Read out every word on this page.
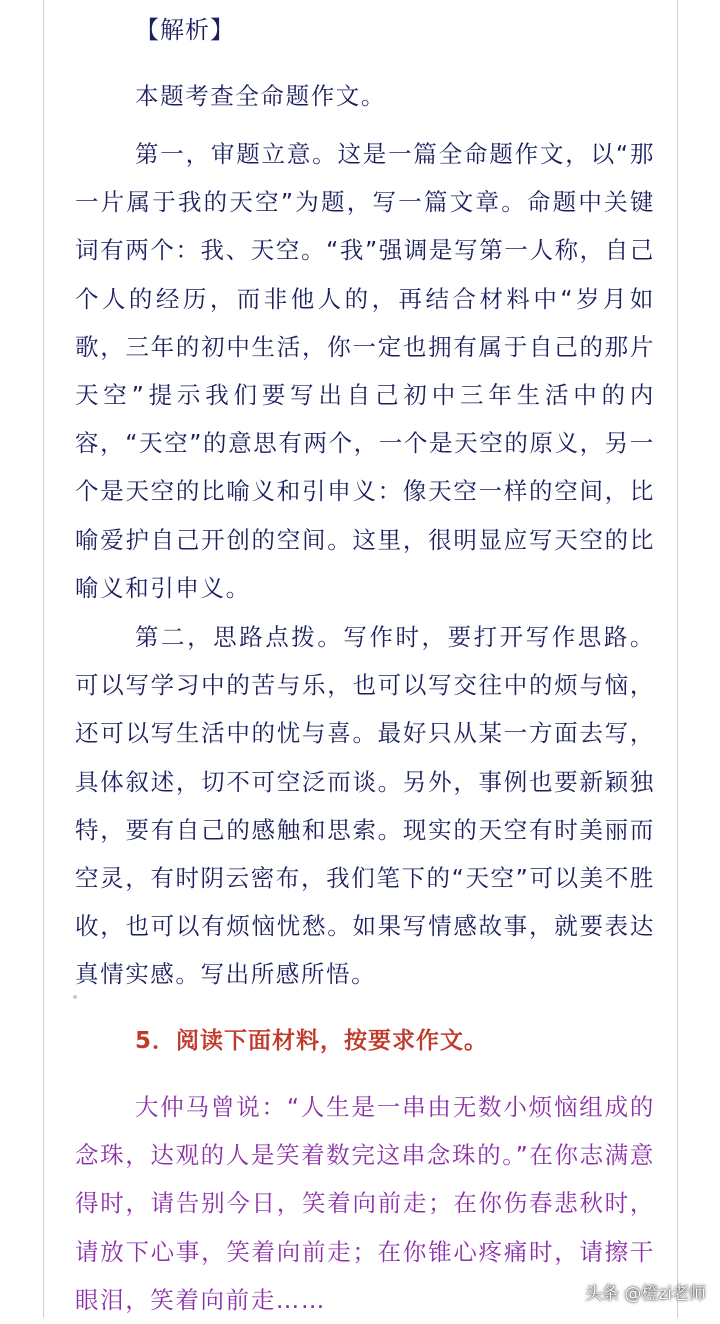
【解析】
本题考查全命题作文。
第一，审题立意。这是一篇全命题作文，以“那一片属于我的天空”为题，写一篇文章。命题中关键词有两个：我、天空。“我”强调是写第一人称，自己个人的经历，而非他人的，再结合材料中“岁月如歌，三年的初中生活，你一定也拥有属于自己的那片天空”提示我们要写出自己初中三年生活中的内容，“天空”的意思有两个，一个是天空的原义，另一个是天空的比喻义和引申义：像天空一样的空间，比喻爱护自己开创的空间。这里，很明显应写天空的比喻义和引申义。
第二，思路点拨。写作时，要打开写作思路。可以写学习中的苦与乐，也可以写交往中的烦与恼，还可以写生活中的忧与喜。最好只从某一方面去写，具体叙述，切不可空泛而谈。另外，事例也要新颖独特，要有自己的感触和思索。现实的天空有时美丽而空灵，有时阴云密布，我们笔下的“天空”可以美不胜收，也可以有烦恼忧愁。如果写情感故事，就要表达真情实感。写出所感所悟。
5．阅读下面材料，按要求作文。
大仲马曾说：“人生是一串由无数小烦恼组成的念珠，达观的人是笑着数完这串念珠的。”在你志满意得时，请告别今日，笑着向前走；在你伤春悲秋时，请放下心事，笑着向前走；在你锥心疼痛时，请擦干眼泪，笑着向前走……	头条 @橙zi老师
